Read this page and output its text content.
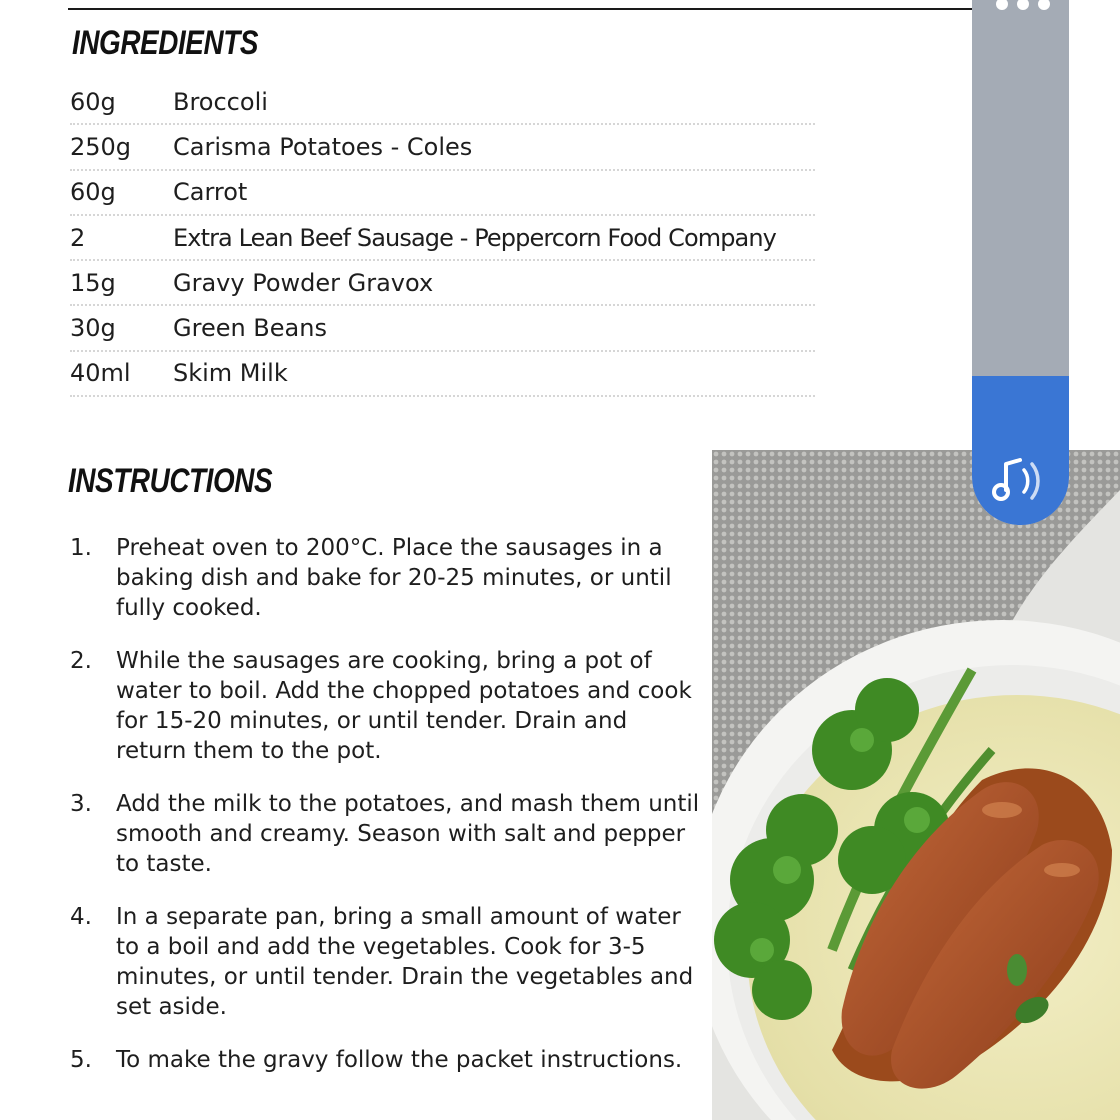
INGREDIENTS
60g	Broccoli
250g	Carisma Potatoes - Coles
60g	Carrot
2	Extra Lean Beef Sausage - Peppercorn Food Company
15g	Gravy Powder Gravox
30g	Green Beans
40ml	Skim Milk
INSTRUCTIONS
1.	Preheat oven to 200°C. Place the sausages in a baking dish and bake for 20-25 minutes, or until fully cooked.
2.	While the sausages are cooking, bring a pot of water to boil. Add the chopped potatoes and cook for 15-20 minutes, or until tender. Drain and return them to the pot.
3.	Add the milk to the potatoes, and mash them until smooth and creamy. Season with salt and pepper to taste.
4.	In a separate pan, bring a small amount of water to a boil and add the vegetables. Cook for 3-5 minutes, or until tender. Drain the vegetables and set aside.
5.	To make the gravy follow the packet instructions.
